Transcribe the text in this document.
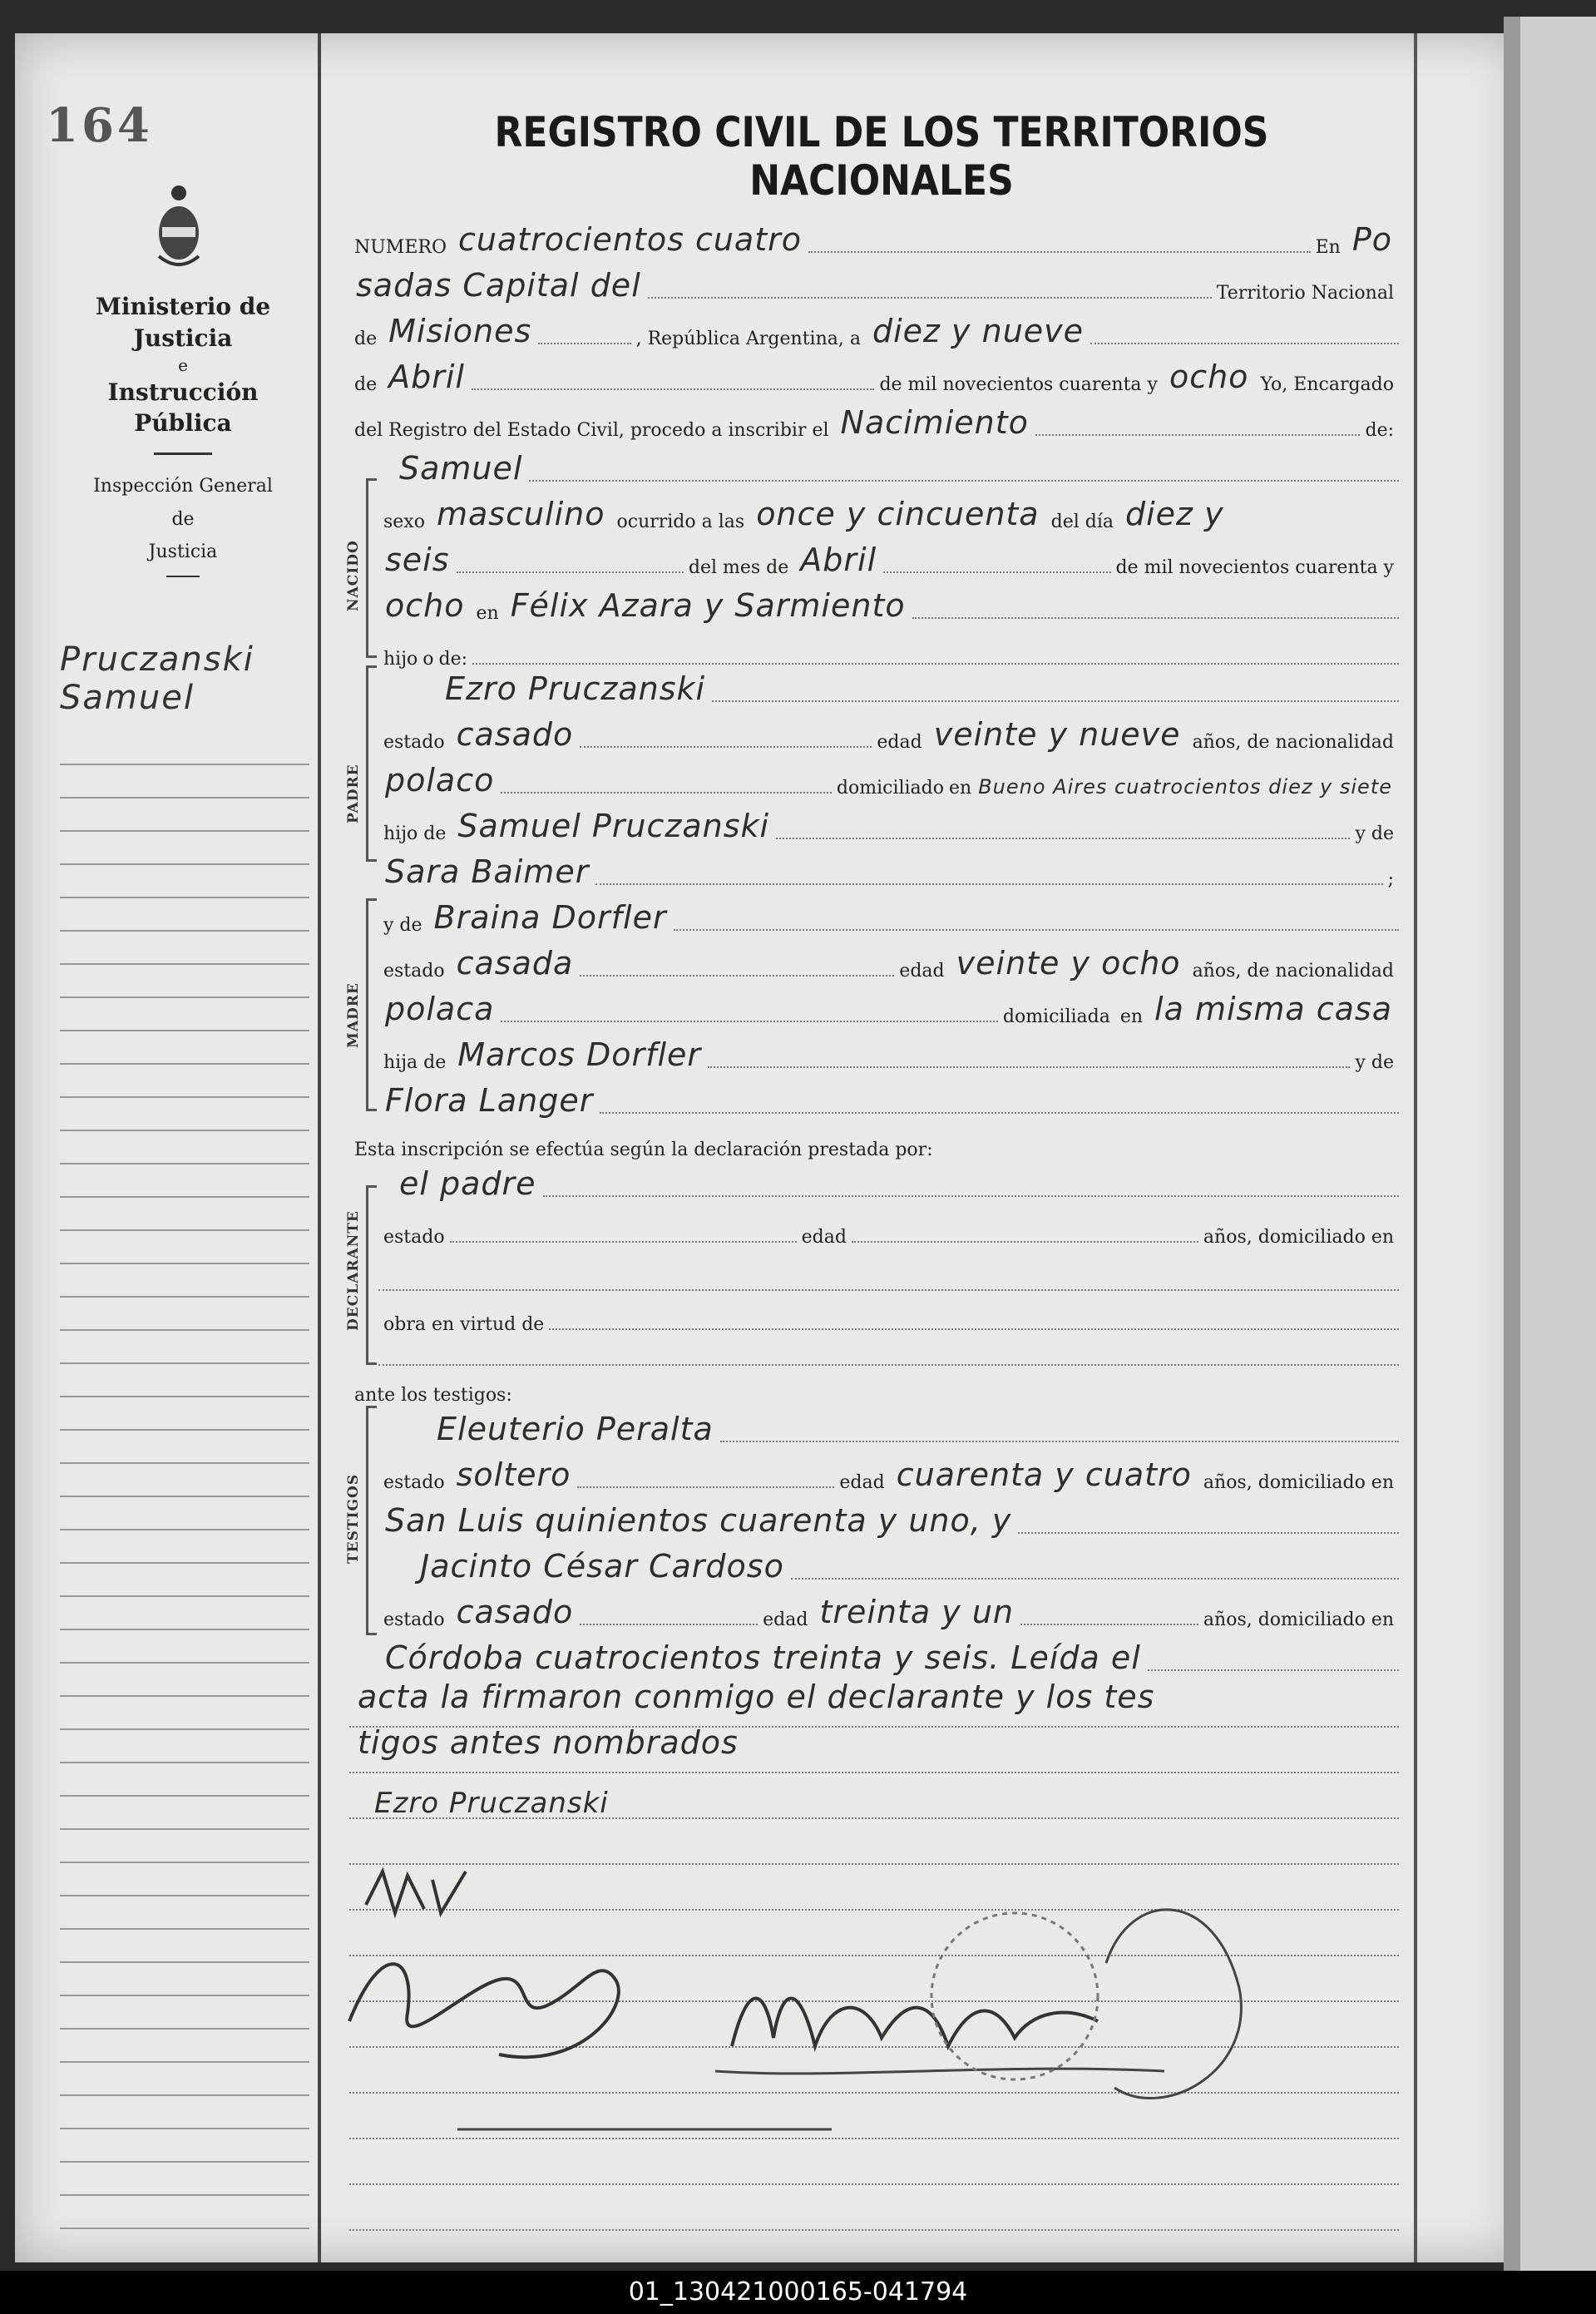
164
Ministerio de Justicia
e
Instrucción Pública
Inspección General
de
Justicia
Pruczanski
Samuel
REGISTRO CIVIL DE LOS TERRITORIOS NACIONALES
NUMERO cuatrocientos cuatro	En Po
sadas Capital del	Territorio Nacional
de Misiones	, República Argentina, a diez y nueve
de Abril	de mil novecientos cuarenta y ocho Yo, Encargado
del Registro del Estado Civil, procedo a inscribir el Nacimiento	de:
Samuel
NACIDO
sexo masculino ocurrido a las once y cincuenta del día diez y
seis	del mes de Abril	de mil novecientos cuarenta y
ocho en Félix Azara y Sarmiento
hijo o de:
PADRE
Ezro Pruczanski
estado casado	edad veinte y nueve años, de nacionalidad
polaco	domiciliado en Bueno Aires cuatrocientos diez y siete
hijo de Samuel Pruczanski	y de
Sara Baimer	;
MADRE
y de Braina Dorfler
estado casada	edad veinte y ocho años, de nacionalidad
polaca	domiciliada en la misma casa
hija de Marcos Dorfler	y de
Flora Langer
Esta inscripción se efectúa según la declaración prestada por:
el padre
DECLARANTE estado	edad	años, domiciliado en
obra en virtud de
ante los testigos:
TESTIGOS
Eleuterio Peralta
estado soltero	edad cuarenta y cuatro años, domiciliado en
San Luis quinientos cuarenta y uno, y
Jacinto César Cardoso
estado casado	edad treinta y un	años, domiciliado en
Córdoba cuatrocientos treinta y seis. Leída el
acta la firmaron conmigo el declarante y los tes
tigos antes nombrados
Ezro Pruczanski
01_130421000165-041794
